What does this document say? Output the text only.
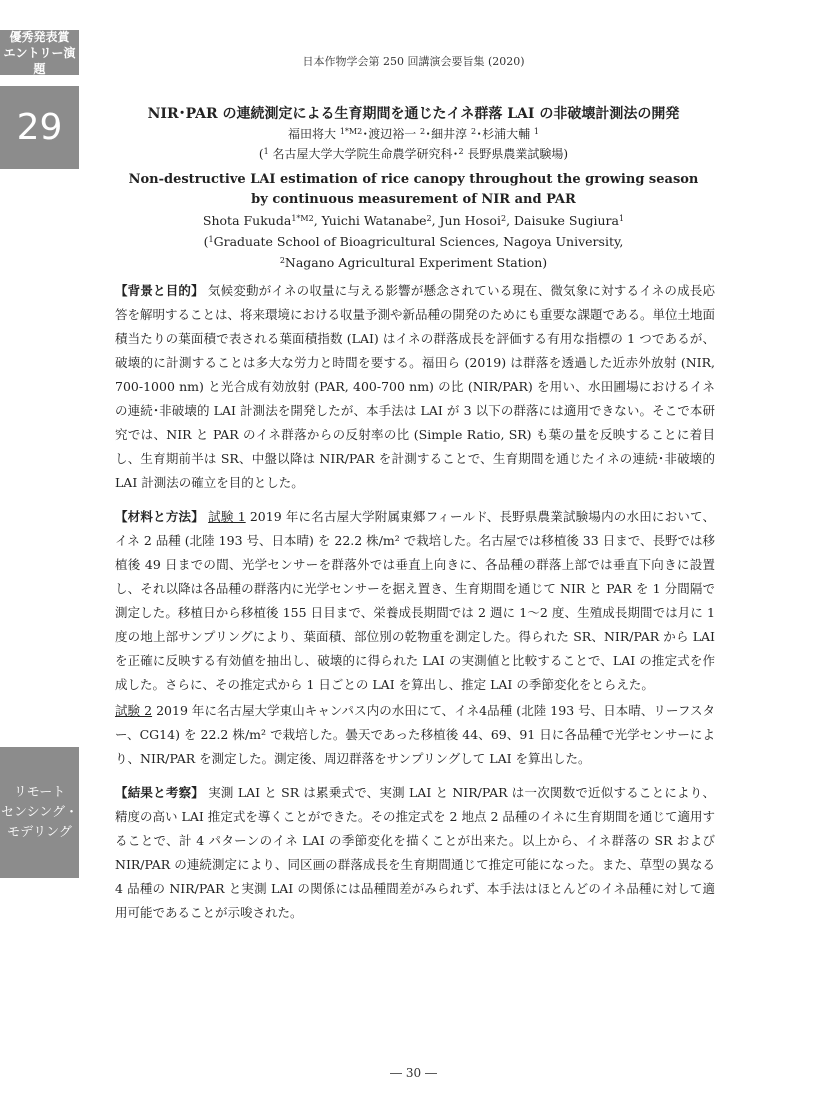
優秀発表賞
エントリー演題
29
リモート
センシング・
モデリング
日本作物学会第 250 回講演会要旨集 (2020)
NIR･PAR の連続測定による生育期間を通じたイネ群落 LAI の非破壊計測法の開発
福田将大 $^{1*M2}$･渡辺裕一 $^2$･細井淳 $^2$･杉浦大輔 $^1$
($^1$ 名古屋大学大学院生命農学研究科･$^2$ 長野県農業試験場)
Non-destructive LAI estimation of rice canopy throughout the growing season
by continuous measurement of NIR and PAR
Shota Fukuda$^{1*M2}$, Yuichi Watanabe$^2$, Jun Hosoi$^2$, Daisuke Sugiura$^1$
($^1$Graduate School of Bioagricultural Sciences, Nagoya University,
$^2$Nagano Agricultural Experiment Station)

【背景と目的】 気候変動がイネの収量に与える影響が懸念されている現在、微気象に対するイネの成長応答を解明することは、将来環境における収量予測や新品種の開発のためにも重要な課題である。単位土地面積当たりの葉面積で表される葉面積指数 (LAI) はイネの群落成長を評価する有用な指標の 1 つであるが、破壊的に計測することは多大な労力と時間を要する。福田ら (2019) は群落を透過した近赤外放射 (NIR, 700-1000 nm) と光合成有効放射 (PAR, 400-700 nm) の比 (NIR/PAR) を用い、水田圃場におけるイネの連続･非破壊的 LAI 計測法を開発したが、本手法は LAI が 3 以下の群落には適用できない。そこで本研究では、NIR と PAR のイネ群落からの反射率の比 (Simple Ratio, SR) も葉の量を反映することに着目し、生育期前半は SR、中盤以降は NIR/PAR を計測することで、生育期間を通じたイネの連続･非破壊的 LAI 計測法の確立を目的とした。

【材料と方法】 試験 1 2019 年に名古屋大学附属東郷フィールド、長野県農業試験場内の水田において、イネ 2 品種 (北陸 193 号、日本晴) を 22.2 株/m² で栽培した。名古屋では移植後 33 日まで、長野では移植後 49 日までの間、光学センサーを群落外では垂直上向きに、各品種の群落上部では垂直下向きに設置し、それ以降は各品種の群落内に光学センサーを据え置き、生育期間を通じて NIR と PAR を 1 分間隔で測定した。移植日から移植後 155 日目まで、栄養成長期間では 2 週に 1〜2 度、生殖成長期間では月に 1 度の地上部サンプリングにより、葉面積、部位別の乾物重を測定した。得られた SR、NIR/PAR から LAI を正確に反映する有効値を抽出し、破壊的に得られた LAI の実測値と比較することで、LAI の推定式を作成した。さらに、その推定式から 1 日ごとの LAI を算出し、推定 LAI の季節変化をとらえた。

試験 2 2019 年に名古屋大学東山キャンパス内の水田にて、イネ4品種 (北陸 193 号、日本晴、リーフスター、CG14) を 22.2 株/m² で栽培した。曇天であった移植後 44、69、91 日に各品種で光学センサーにより、NIR/PAR を測定した。測定後、周辺群落をサンプリングして LAI を算出した。

【結果と考察】 実測 LAI と SR は累乗式で、実測 LAI と NIR/PAR は一次関数で近似することにより、精度の高い LAI 推定式を導くことができた。その推定式を 2 地点 2 品種のイネに生育期間を通じて適用することで、計 4 パターンのイネ LAI の季節変化を描くことが出来た。以上から、イネ群落の SR および NIR/PAR の連続測定により、同区画の群落成長を生育期間通じて推定可能になった。また、草型の異なる 4 品種の NIR/PAR と実測 LAI の関係には品種間差がみられず、本手法はほとんどのイネ品種に対して適用可能であることが示唆された。

― 30 ―
